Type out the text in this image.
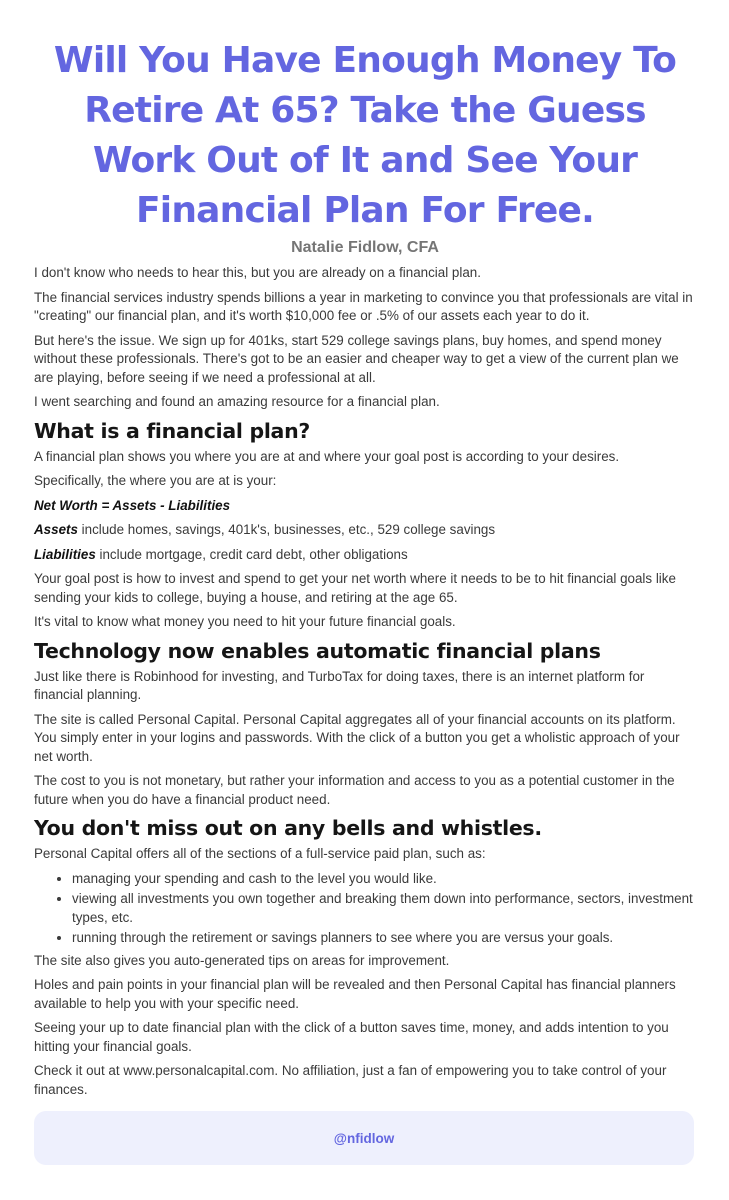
Will You Have Enough Money To Retire At 65? Take the Guess Work Out of It and See Your Financial Plan For Free.
Natalie Fidlow, CFA

I don't know who needs to hear this, but you are already on a financial plan.

The financial services industry spends billions a year in marketing to convince you that professionals are vital in "creating" our financial plan, and it's worth $10,000 fee or .5% of our assets each year to do it.

But here's the issue. We sign up for 401ks, start 529 college savings plans, buy homes, and spend money without these professionals. There's got to be an easier and cheaper way to get a view of the current plan we are playing, before seeing if we need a professional at all.

I went searching and found an amazing resource for a financial plan.

What is a financial plan?

A financial plan shows you where you are at and where your goal post is according to your desires.

Specifically, the where you are at is your:

Net Worth = Assets - Liabilities

Assets include homes, savings, 401k's, businesses, etc., 529 college savings

Liabilities include mortgage, credit card debt, other obligations

Your goal post is how to invest and spend to get your net worth where it needs to be to hit financial goals like sending your kids to college, buying a house, and retiring at the age 65.

It's vital to know what money you need to hit your future financial goals.

Technology now enables automatic financial plans

Just like there is Robinhood for investing, and TurboTax for doing taxes, there is an internet platform for financial planning.

The site is called Personal Capital. Personal Capital aggregates all of your financial accounts on its platform. You simply enter in your logins and passwords. With the click of a button you get a wholistic approach of your net worth.

The cost to you is not monetary, but rather your information and access to you as a potential customer in the future when you do have a financial product need.

You don't miss out on any bells and whistles.

Personal Capital offers all of the sections of a full-service paid plan, such as:

• managing your spending and cash to the level you would like.
• viewing all investments you own together and breaking them down into performance, sectors, investment types, etc.
• running through the retirement or savings planners to see where you are versus your goals.

The site also gives you auto-generated tips on areas for improvement.

Holes and pain points in your financial plan will be revealed and then Personal Capital has financial planners available to help you with your specific need.

Seeing your up to date financial plan with the click of a button saves time, money, and adds intention to you hitting your financial goals.

Check it out at www.personalcapital.com. No affiliation, just a fan of empowering you to take control of your finances.

@nfidlow
